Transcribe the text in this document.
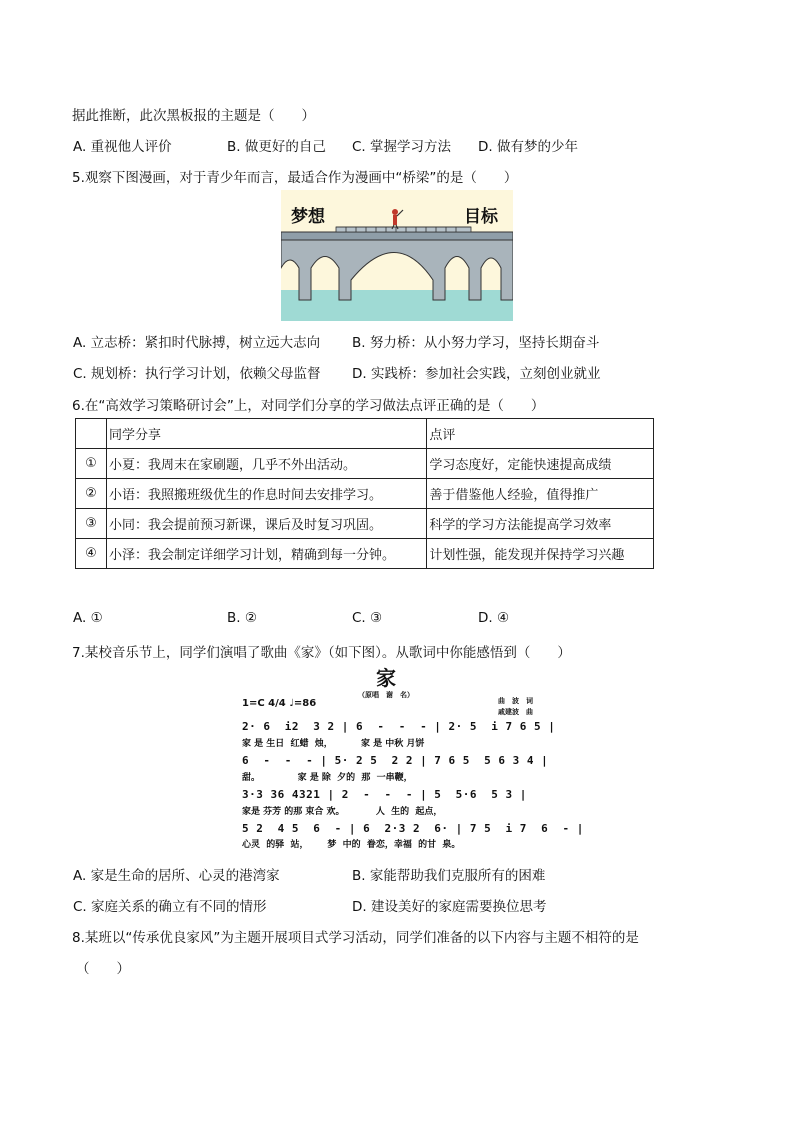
据此推断，此次黑板报的主题是（　　）
A. 重视他人评价	B. 做更好的自己 C. 掌握学习方法 D. 做有梦的少年
5.观察下图漫画，对于青少年而言，最适合作为漫画中“桥梁”的是（　　）
梦想	目标
A. 立志桥：紧扣时代脉搏，树立远大志向 B. 努力桥：从小努力学习，坚持长期奋斗
C. 规划桥：执行学习计划，依赖父母监督 D. 实践桥：参加社会实践，立刻创业就业
6.在“高效学习策略研讨会”上，对同学们分享的学习做法点评正确的是（　　）
	同学分享	点评
①	小夏：我周末在家刷题，几乎不外出活动。	学习态度好，定能快速提高成绩
②	小语：我照搬班级优生的作息时间去安排学习。	善于借鉴他人经验，值得推广
③	小同：我会提前预习新课，课后及时复习巩固。	科学的学习方法能提高学习效率
④	小泽：我会制定详细学习计划，精确到每一分钟。	计划性强，能发现并保持学习兴趣
A. ①	B. ②	C. ③	D. ④
7.某校音乐节上，同学们演唱了歌曲《家》（如下图）。从歌词中你能感悟到（　　）
家
（原唱　谢　名）
曲　波　词
戚建波　曲
1=C 4/4 ♩=86
2· 6  i2  3 2 | 6  -  -  - | 2· 5  i 7 6 5 |
家 是 生日  红蜡  烛，         家 是 中秋 月饼
6  -  -  - | 5· 2 5  2 2 | 7 6 5  5 6 3 4 |
甜。            家 是 除  夕的  那  一串鞭，
3·3 36 4321 | 2  -  -  - | 5  5·6  5 3 |
家是 芬芳 的那 束合 欢。          人  生的  起点，
5 2  4 5  6  - | 6  2·3 2  6· | 7 5  i 7  6  - |
心灵  的驿  站，      梦  中的  眷恋，幸福  的甘  泉。
A. 家是生命的居所、心灵的港湾家	B. 家能帮助我们克服所有的困难
C. 家庭关系的确立有不同的情形	D. 建设美好的家庭需要换位思考
8.某班以“传承优良家风”为主题开展项目式学习活动，同学们准备的以下内容与主题不相符的是
（　　）
